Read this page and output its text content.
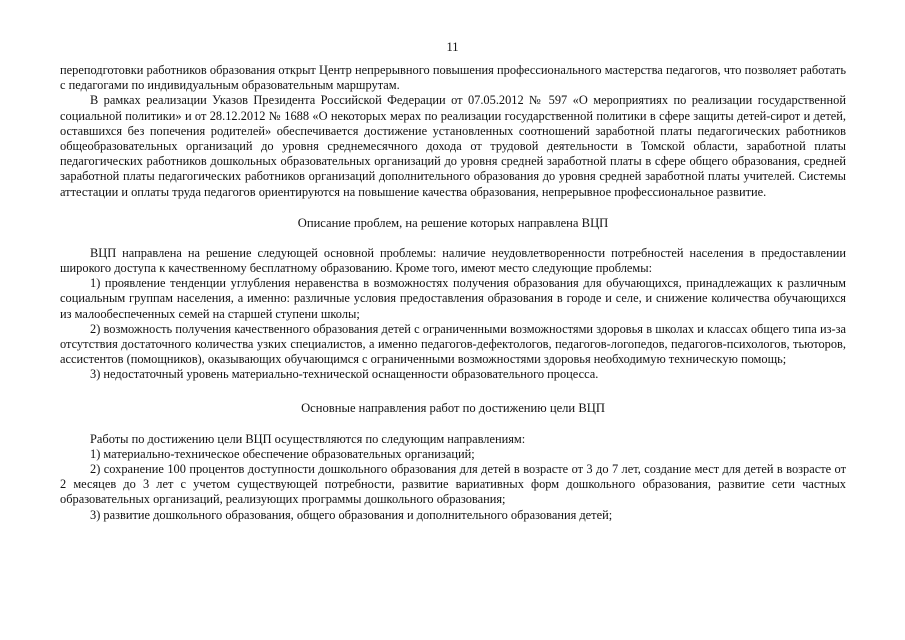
11

переподготовки работников образования открыт Центр непрерывного повышения профессионального мастерства педагогов, что позволяет работать с педагогами по индивидуальным образовательным маршрутам.

В рамках реализации Указов Президента Российской Федерации от 07.05.2012 № 597 «О мероприятиях по реализации государственной социальной политики» и от 28.12.2012 № 1688 «О некоторых мерах по реализации государственной политики в сфере защиты детей-сирот и детей, оставшихся без попечения родителей» обеспечивается достижение установленных соотношений заработной платы педагогических работников общеобразовательных организаций до уровня среднемесячного дохода от трудовой деятельности в Томской области, заработной платы педагогических работников дошкольных образовательных организаций до уровня средней заработной платы в сфере общего образования, средней заработной платы педагогических работников организаций дополнительного образования до уровня средней заработной платы учителей. Системы аттестации и оплаты труда педагогов ориентируются на повышение качества образования, непрерывное профессиональное развитие.

Описание проблем, на решение которых направлена ВЦП

ВЦП направлена на решение следующей основной проблемы: наличие неудовлетворенности потребностей населения в предоставлении широкого доступа к качественному бесплатному образованию. Кроме того, имеют место следующие проблемы:

1) проявление тенденции углубления неравенства в возможностях получения образования для обучающихся, принадлежащих к различным социальным группам населения, а именно: различные условия предоставления образования в городе и селе, и снижение количества обучающихся из малообеспеченных семей на старшей ступени школы;

2) возможность получения качественного образования детей с ограниченными возможностями здоровья в школах и классах общего типа из-за отсутствия достаточного количества узких специалистов, а именно педагогов-дефектологов, педагогов-логопедов, педагогов-психологов, тьюторов, ассистентов (помощников), оказывающих обучающимся с ограниченными возможностями здоровья необходимую техническую помощь;

3) недостаточный уровень материально-технической оснащенности образовательного процесса.

Основные направления работ по достижению цели ВЦП

Работы по достижению цели ВЦП осуществляются по следующим направлениям:

1) материально-техническое обеспечение образовательных организаций;

2) сохранение 100 процентов доступности дошкольного образования для детей в возрасте от 3 до 7 лет, создание мест для детей в возрасте от 2 месяцев до 3 лет с учетом существующей потребности, развитие вариативных форм дошкольного образования, развитие сети частных образовательных организаций, реализующих программы дошкольного образования;

3) развитие дошкольного образования, общего образования и дополнительного образования детей;
